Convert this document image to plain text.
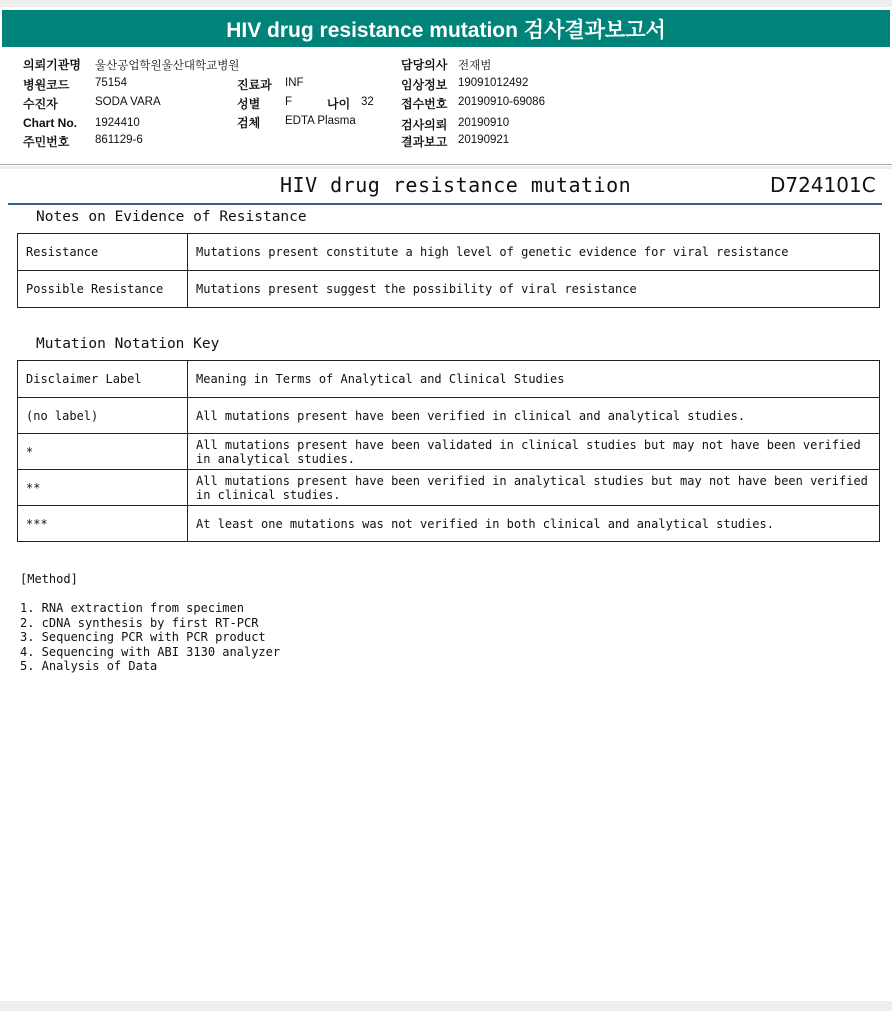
HIV drug resistance mutation 검사결과보고서
의뢰기관명 울산공업학원울산대학교병원
병원코드 75154
수진자	SODA VARA
Chart No. 1924410
주민번호 861129-6
진료과 INF
성별 F	나이 32
검체 EDTA Plasma
담당의사 전재범
임상정보 19091012492
접수번호 20190910-69086
검사의뢰 20190910
결과보고 20190921
HIV drug resistance mutation	D724101C
Notes on Evidence of Resistance
Resistance	Mutations present constitute a high level of genetic evidence for viral resistance
Possible Resistance	Mutations present suggest the possibility of viral resistance
Mutation Notation Key
Disclaimer Label	Meaning in Terms of Analytical and Clinical Studies
(no label)	All mutations present have been verified in clinical and analytical studies.
*	All mutations present have been validated in clinical studies but may not have been verified in analytical studies.
**	All mutations present have been verified in analytical studies but may not have been verified in clinical studies.
***	At least one mutations was not verified in both clinical and analytical studies.
[Method]
1. RNA extraction from specimen
2. cDNA synthesis by first RT-PCR
3. Sequencing PCR with PCR product
4. Sequencing with ABI 3130 analyzer
5. Analysis of Data
